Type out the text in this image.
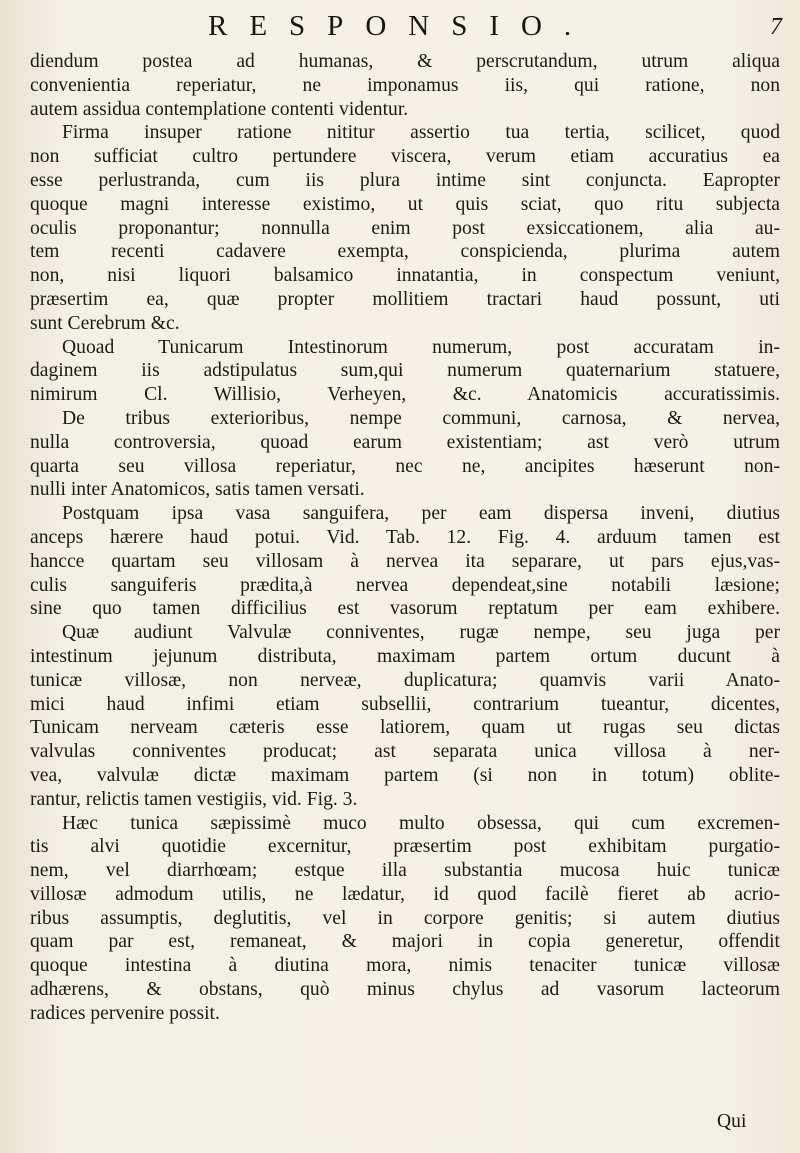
RESPONSIO.	7
diendum postea ad humanas, & perscrutandum, utrum aliqua
convenientia reperiatur, ne imponamus iis, qui ratione, non
autem assidua contemplatione contenti videntur.
Firma insuper ratione nititur assertio tua tertia, scilicet, quod
non sufficiat cultro pertundere viscera, verum etiam accuratius ea
esse perlustranda, cum iis plura intime sint conjuncta. Eapropter
quoque magni interesse existimo, ut quis sciat, quo ritu subjecta
oculis proponantur; nonnulla enim post exsiccationem, alia au-
tem recenti cadavere exempta, conspicienda, plurima autem
non, nisi liquori balsamico innatantia, in conspectum veniunt,
præsertim ea, quæ propter mollitiem tractari haud possunt, uti
sunt Cerebrum &c.
Quoad Tunicarum Intestinorum numerum, post accuratam in-
daginem iis adstipulatus sum,qui numerum quaternarium statuere,
nimirum Cl. Willisio, Verheyen, &c. Anatomicis accuratissimis.
De tribus exterioribus, nempe communi, carnosa, & nervea,
nulla controversia, quoad earum existentiam; ast verò utrum
quarta seu villosa reperiatur, nec ne, ancipites hæserunt non-
nulli inter Anatomicos, satis tamen versati.
Postquam ipsa vasa sanguifera, per eam dispersa inveni, diutius
anceps hærere haud potui. Vid. Tab. 12. Fig. 4. arduum tamen est
hancce quartam seu villosam à nervea ita separare, ut pars ejus,vas-
culis sanguiferis prædita,à nervea dependeat,sine notabili læsione;
sine quo tamen difficilius est vasorum reptatum per eam exhibere.
Quæ audiunt Valvulæ conniventes, rugæ nempe, seu juga per
intestinum jejunum distributa, maximam partem ortum ducunt à
tunicæ villosæ, non nerveæ, duplicatura; quamvis varii Anato-
mici haud infimi etiam subsellii, contrarium tueantur, dicentes,
Tunicam nerveam cæteris esse latiorem, quam ut rugas seu dictas
valvulas conniventes producat; ast separata unica villosa à ner-
vea, valvulæ dictæ maximam partem (si non in totum) oblite-
rantur, relictis tamen vestigiis, vid. Fig. 3.
Hæc tunica sæpissimè muco multo obsessa, qui cum excremen-
tis alvi quotidie excernitur, præsertim post exhibitam purgatio-
nem, vel diarrhœam; estque illa substantia mucosa huic tunicæ
villosæ admodum utilis, ne lædatur, id quod facilè fieret ab acrio-
ribus assumptis, deglutitis, vel in corpore genitis; si autem diutius
quam par est, remaneat, & majori in copia generetur, offendit
quoque intestina à diutina mora, nimis tenaciter tunicæ villosæ
adhærens, & obstans, quò minus chylus ad vasorum lacteorum
radices pervenire possit.
Qui
